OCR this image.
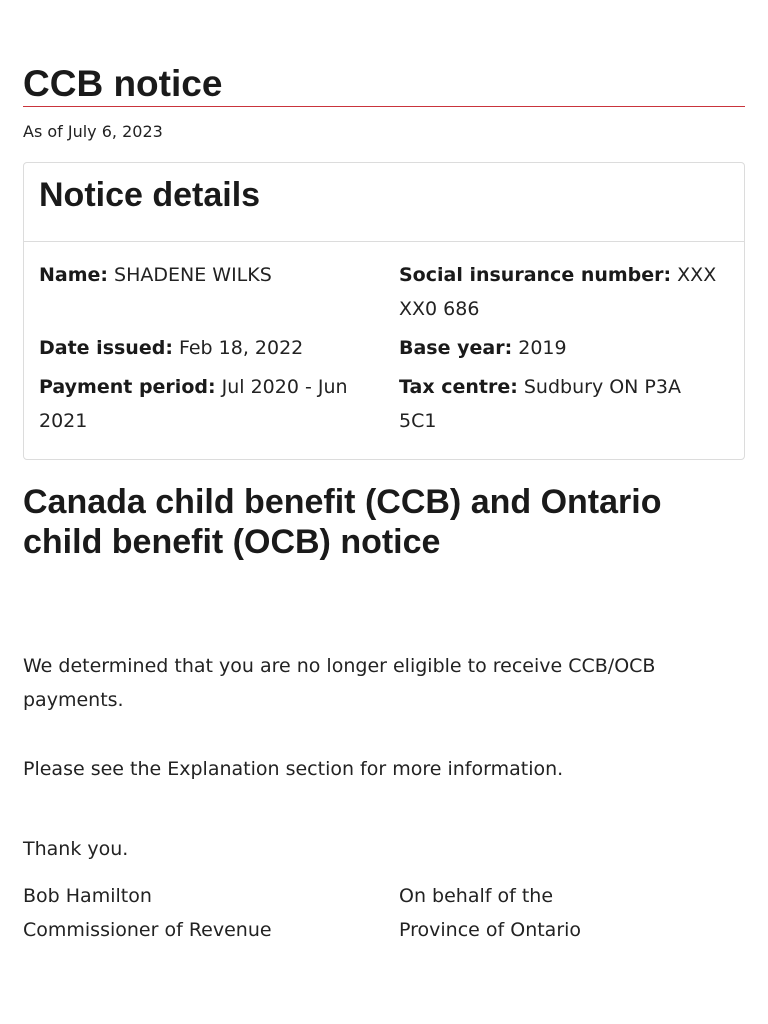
CCB notice
As of July 6, 2023
Notice details
Name: SHADENE WILKS	Social insurance number: XXX XX0 686
Date issued: Feb 18, 2022	Base year: 2019
Payment period: Jul 2020 - Jun 2021
Tax centre: Sudbury ON P3A 5C1
Canada child benefit (CCB) and Ontario child benefit (OCB) notice

We determined that you are no longer eligible to receive CCB/OCB payments.

Please see the Explanation section for more information.

Thank you.

Bob Hamilton
Commissioner of Revenue
On behalf of the
Province of Ontario
